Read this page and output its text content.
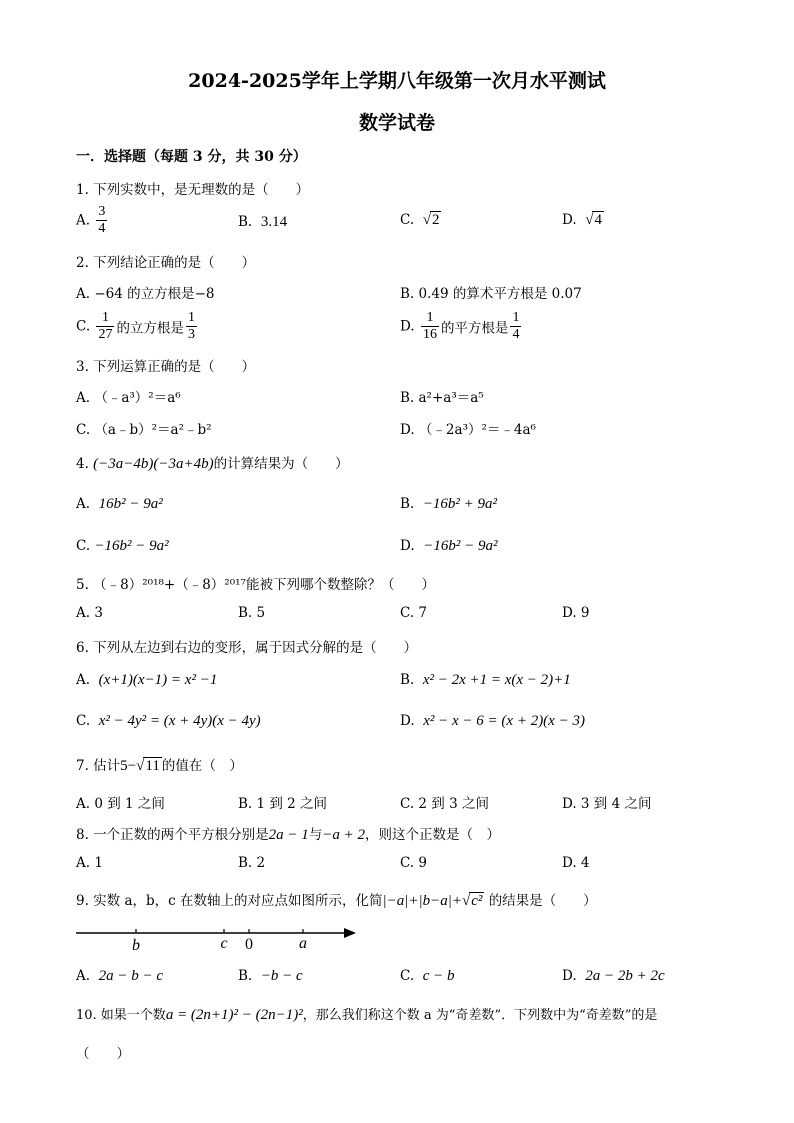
2024-2025学年上学期八年级第一次月水平测试
数学试卷
一．选择题（每题 3 分，共 30 分）
1. 下列实数中，是无理数的是（　　）
A. $\frac{3}{4}$	B. 3.14	C. √2	D. √4
2. 下列结论正确的是（　　）
A. −64 的立方根是−8	B. 0.49 的算术平方根是 0.07
C. $\frac{1}{27}$ 的立方根是 $\frac{1}{3}$	D. $\frac{1}{16}$ 的平方根是 $\frac{1}{4}$
3. 下列运算正确的是（　　）
A. （﹣a³）²＝a⁶	B. a²+a³＝a⁵
C. （a﹣b）²＝a²﹣b²	D. （﹣2a³）²＝﹣4a⁶
4. (−3a−4b)(−3a+4b)的计算结果为（　　）
A. 16b² − 9a²	B. −16b² + 9a²
C. −16b² − 9a²	D. −16b² − 9a²
5. （﹣8）²⁰¹⁸+（﹣8）²⁰¹⁷能被下列哪个数整除？（　　）
A. 3	B. 5	C. 7	D. 9
6. 下列从左边到右边的变形，属于因式分解的是（　　）
A. (x+1)(x−1) = x² −1	B. x² − 2x +1 = x(x − 2)+1
C. x² − 4y² = (x + 4y)(x − 4y)	D. x² − x − 6 = (x + 2)(x − 3)
7. 估计5−√11 的值在（　）
A. 0 到 1 之间	B. 1 到 2 之间	C. 2 到 3 之间	D. 3 到 4 之间
8. 一个正数的两个平方根分别是2a − 1与−a + 2，则这个正数是（　）
A. 1	B. 2	C. 9	D. 4
9. 实数 a，b，c 在数轴上的对应点如图所示，化简|−a|+|b−a|+√c² 的结果是（　　）
b	c 0	a
A. 2a − b − c	B. −b − c	C. c − b	D. 2a − 2b + 2c
10. 如果一个数a = (2n+1)² − (2n−1)²，那么我们称这个数 a 为“奇差数”．下列数中为“奇差数”的是
（　　）
